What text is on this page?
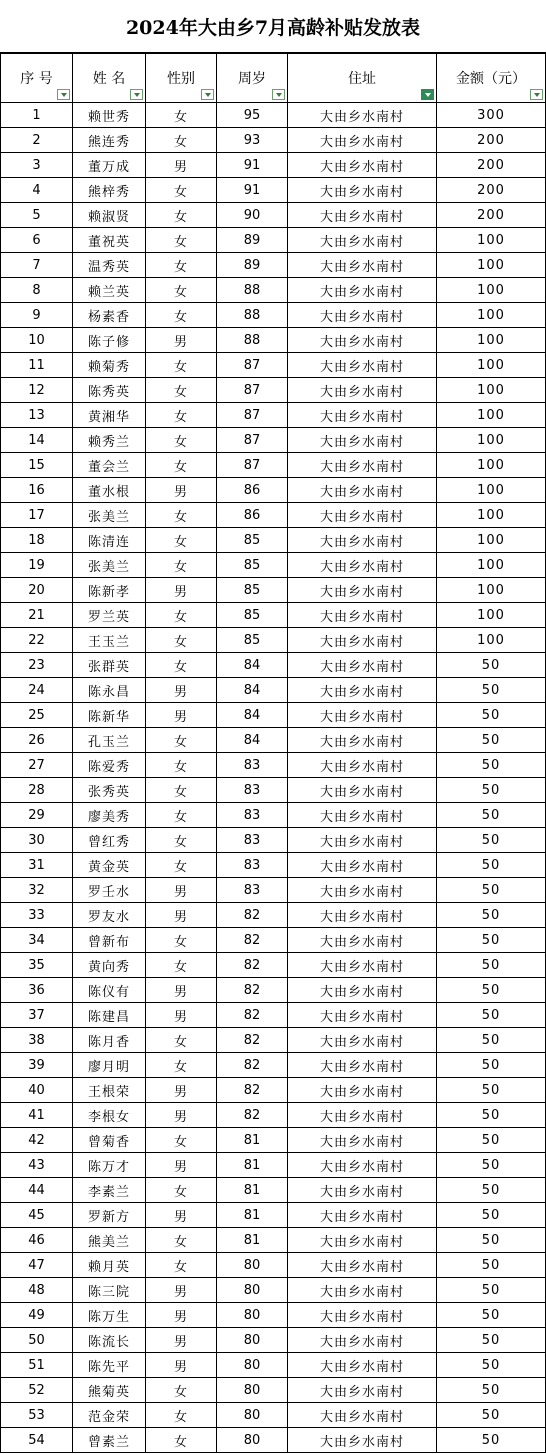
2024年大由乡7月高龄补贴发放表
序 号	姓 名	性别	周岁	住址	金额（元）

1	赖世秀	女	95	大由乡水南村	300
2	熊连秀	女	93	大由乡水南村	200
3	董万成	男	91	大由乡水南村	200
4	熊梓秀	女	91	大由乡水南村	200
5	赖淑贤	女	90	大由乡水南村	200
6	董祝英	女	89	大由乡水南村	100
7	温秀英	女	89	大由乡水南村	100
8	赖兰英	女	88	大由乡水南村	100
9	杨素香	女	88	大由乡水南村	100
10	陈子修	男	88	大由乡水南村	100
11	赖菊秀	女	87	大由乡水南村	100
12	陈秀英	女	87	大由乡水南村	100
13	黄湘华	女	87	大由乡水南村	100
14	赖秀兰	女	87	大由乡水南村	100
15	董会兰	女	87	大由乡水南村	100
16	董水根	男	86	大由乡水南村	100
17	张美兰	女	86	大由乡水南村	100
18	陈清连	女	85	大由乡水南村	100
19	张美兰	女	85	大由乡水南村	100
20	陈新孝	男	85	大由乡水南村	100
21	罗兰英	女	85	大由乡水南村	100
22	王玉兰	女	85	大由乡水南村	100
23	张群英	女	84	大由乡水南村	50
24	陈永昌	男	84	大由乡水南村	50
25	陈新华	男	84	大由乡水南村	50
26	孔玉兰	女	84	大由乡水南村	50
27	陈爱秀	女	83	大由乡水南村	50
28	张秀英	女	83	大由乡水南村	50
29	廖美秀	女	83	大由乡水南村	50
30	曾红秀	女	83	大由乡水南村	50
31	黄金英	女	83	大由乡水南村	50
32	罗壬水	男	83	大由乡水南村	50
33	罗友水	男	82	大由乡水南村	50
34	曾新布	女	82	大由乡水南村	50
35	黄向秀	女	82	大由乡水南村	50
36	陈仪有	男	82	大由乡水南村	50
37	陈建昌	男	82	大由乡水南村	50
38	陈月香	女	82	大由乡水南村	50
39	廖月明	女	82	大由乡水南村	50
40	王根荣	男	82	大由乡水南村	50
41	李根女	男	82	大由乡水南村	50
42	曾菊香	女	81	大由乡水南村	50
43	陈万才	男	81	大由乡水南村	50
44	李素兰	女	81	大由乡水南村	50
45	罗新方	男	81	大由乡水南村	50
46	熊美兰	女	81	大由乡水南村	50
47	赖月英	女	80	大由乡水南村	50
48	陈三院	男	80	大由乡水南村	50
49	陈万生	男	80	大由乡水南村	50
50	陈流长	男	80	大由乡水南村	50
51	陈先平	男	80	大由乡水南村	50
52	熊菊英	女	80	大由乡水南村	50
53	范金荣	女	80	大由乡水南村	50
54	曾素兰	女	80	大由乡水南村	50
